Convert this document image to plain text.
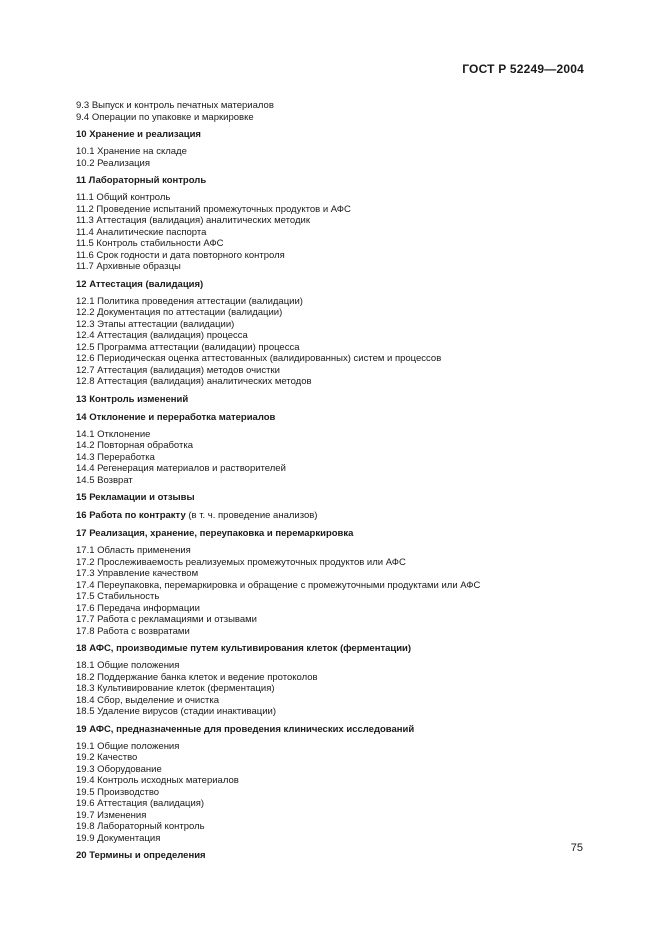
ГОСТ Р 52249—2004
9.3 Выпуск и контроль печатных материалов
9.4 Операции по упаковке и маркировке
10 Хранение и реализация
10.1 Хранение на складе
10.2 Реализация
11 Лабораторный контроль
11.1 Общий контроль
11.2 Проведение испытаний промежуточных продуктов и АФС
11.3 Аттестация (валидация) аналитических методик
11.4 Аналитические паспорта
11.5 Контроль стабильности АФС
11.6 Срок годности и дата повторного контроля
11.7 Архивные образцы
12 Аттестация (валидация)
12.1 Политика проведения аттестации (валидации)
12.2 Документация по аттестации (валидации)
12.3 Этапы аттестации (валидации)
12.4 Аттестация (валидация) процесса
12.5 Программа аттестации (валидации) процесса
12.6 Периодическая оценка аттестованных (валидированных) систем и процессов
12.7 Аттестация (валидация) методов очистки
12.8 Аттестация (валидация) аналитических методов
13 Контроль изменений
14 Отклонение и переработка материалов
14.1 Отклонение
14.2 Повторная обработка
14.3 Переработка
14.4 Регенерация материалов и растворителей
14.5 Возврат
15 Рекламации и отзывы
16 Работа по контракту (в т. ч. проведение анализов)
17 Реализация, хранение, переупаковка и перемаркировка
17.1 Область применения
17.2 Прослеживаемость реализуемых промежуточных продуктов или АФС
17.3 Управление качеством
17.4 Переупаковка, перемаркировка и обращение с промежуточными продуктами или АФС
17.5 Стабильность
17.6 Передача информации
17.7 Работа с рекламациями и отзывами
17.8 Работа с возвратами
18 АФС, производимые путем культивирования клеток (ферментации)
18.1 Общие положения
18.2 Поддержание банка клеток и ведение протоколов
18.3 Культивирование клеток (ферментация)
18.4 Сбор, выделение и очистка
18.5 Удаление вирусов (стадии инактивации)
19 АФС, предназначенные для проведения клинических исследований
19.1 Общие положения
19.2 Качество
19.3 Оборудование
19.4 Контроль исходных материалов
19.5 Производство
19.6 Аттестация (валидация)
19.7 Изменения
19.8 Лабораторный контроль
19.9 Документация
20 Термины и определения
75
